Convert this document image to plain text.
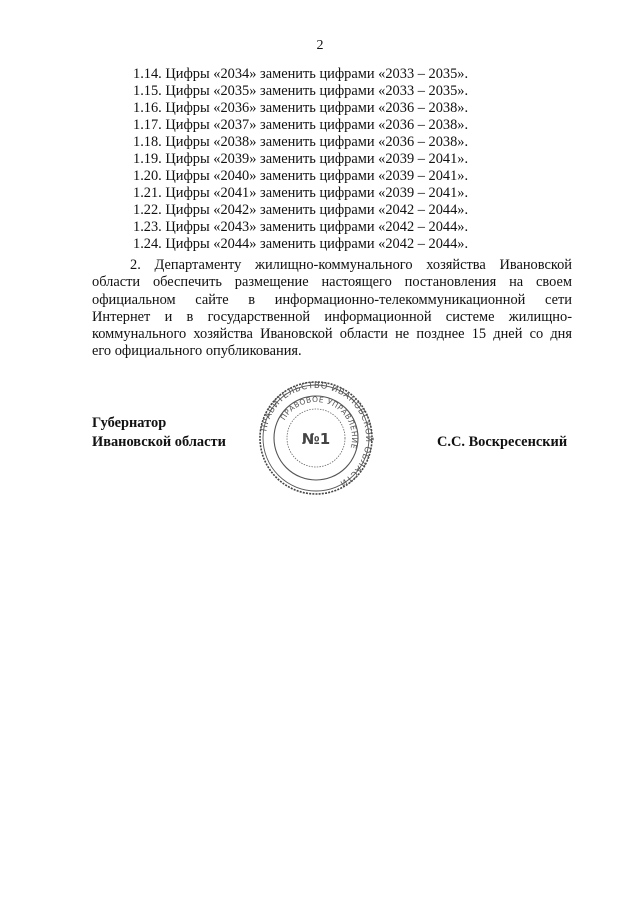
2
1.14. Цифры «2034» заменить цифрами «2033 – 2035».
1.15. Цифры «2035» заменить цифрами «2033 – 2035».
1.16. Цифры «2036» заменить цифрами «2036 – 2038».
1.17. Цифры «2037» заменить цифрами «2036 – 2038».
1.18. Цифры «2038» заменить цифрами «2036 – 2038».
1.19. Цифры «2039» заменить цифрами «2039 – 2041».
1.20. Цифры «2040» заменить цифрами «2039 – 2041».
1.21. Цифры «2041» заменить цифрами «2039 – 2041».
1.22. Цифры «2042» заменить цифрами «2042 – 2044».
1.23. Цифры «2043» заменить цифрами «2042 – 2044».
1.24. Цифры «2044» заменить цифрами «2042 – 2044».
2. Департаменту жилищно-коммунального хозяйства Ивановской
области обеспечить размещение настоящего постановления на своем
официальном сайте в информационно-телекоммуникационной сети
Интернет и в государственной информационной системе жилищно-
коммунального хозяйства Ивановской области не позднее 15 дней со дня
его официального опубликования.
Губернатор
Ивановской области	С.С. Воскресенский
ПРАВИТЕЛЬСТВО ИВАНОВСКОЙ ОБЛАСТИ
ПРАВОВОЕ УПРАВЛЕНИЕ
№1
